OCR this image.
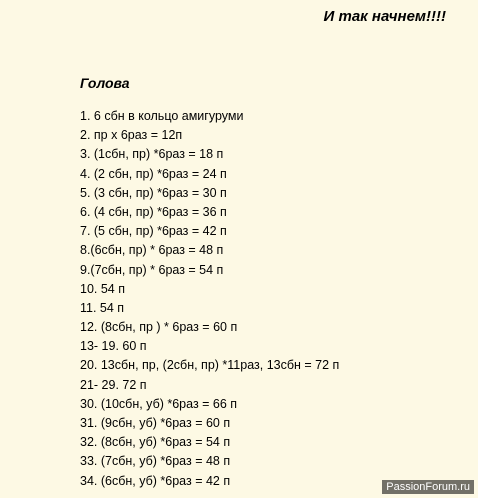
И так начнем!!!!
Голова
1. 6 сбн в кольцо амигуруми
2. пр х 6раз = 12п
3. (1сбн, пр) *6раз = 18 п
4. (2 сбн, пр) *6раз = 24 п
5. (3 сбн, пр) *6раз = 30 п
6. (4 сбн, пр) *6раз = 36 п
7. (5 сбн, пр) *6раз = 42 п
8.(6сбн, пр) * 6раз = 48 п
9.(7сбн, пр) * 6раз = 54 п
10. 54 п
11. 54 п
12. (8сбн, пр ) * 6раз = 60 п
13- 19. 60 п
20. 13сбн, пр, (2сбн, пр) *11раз, 13сбн = 72 п
21- 29. 72 п
30. (10сбн, уб) *6раз = 66 п
31. (9сбн, уб) *6раз = 60 п
32. (8сбн, уб) *6раз = 54 п
33. (7сбн, уб) *6раз = 48 п
34. (6сбн, уб) *6раз = 42 п	PassionForum.ru
